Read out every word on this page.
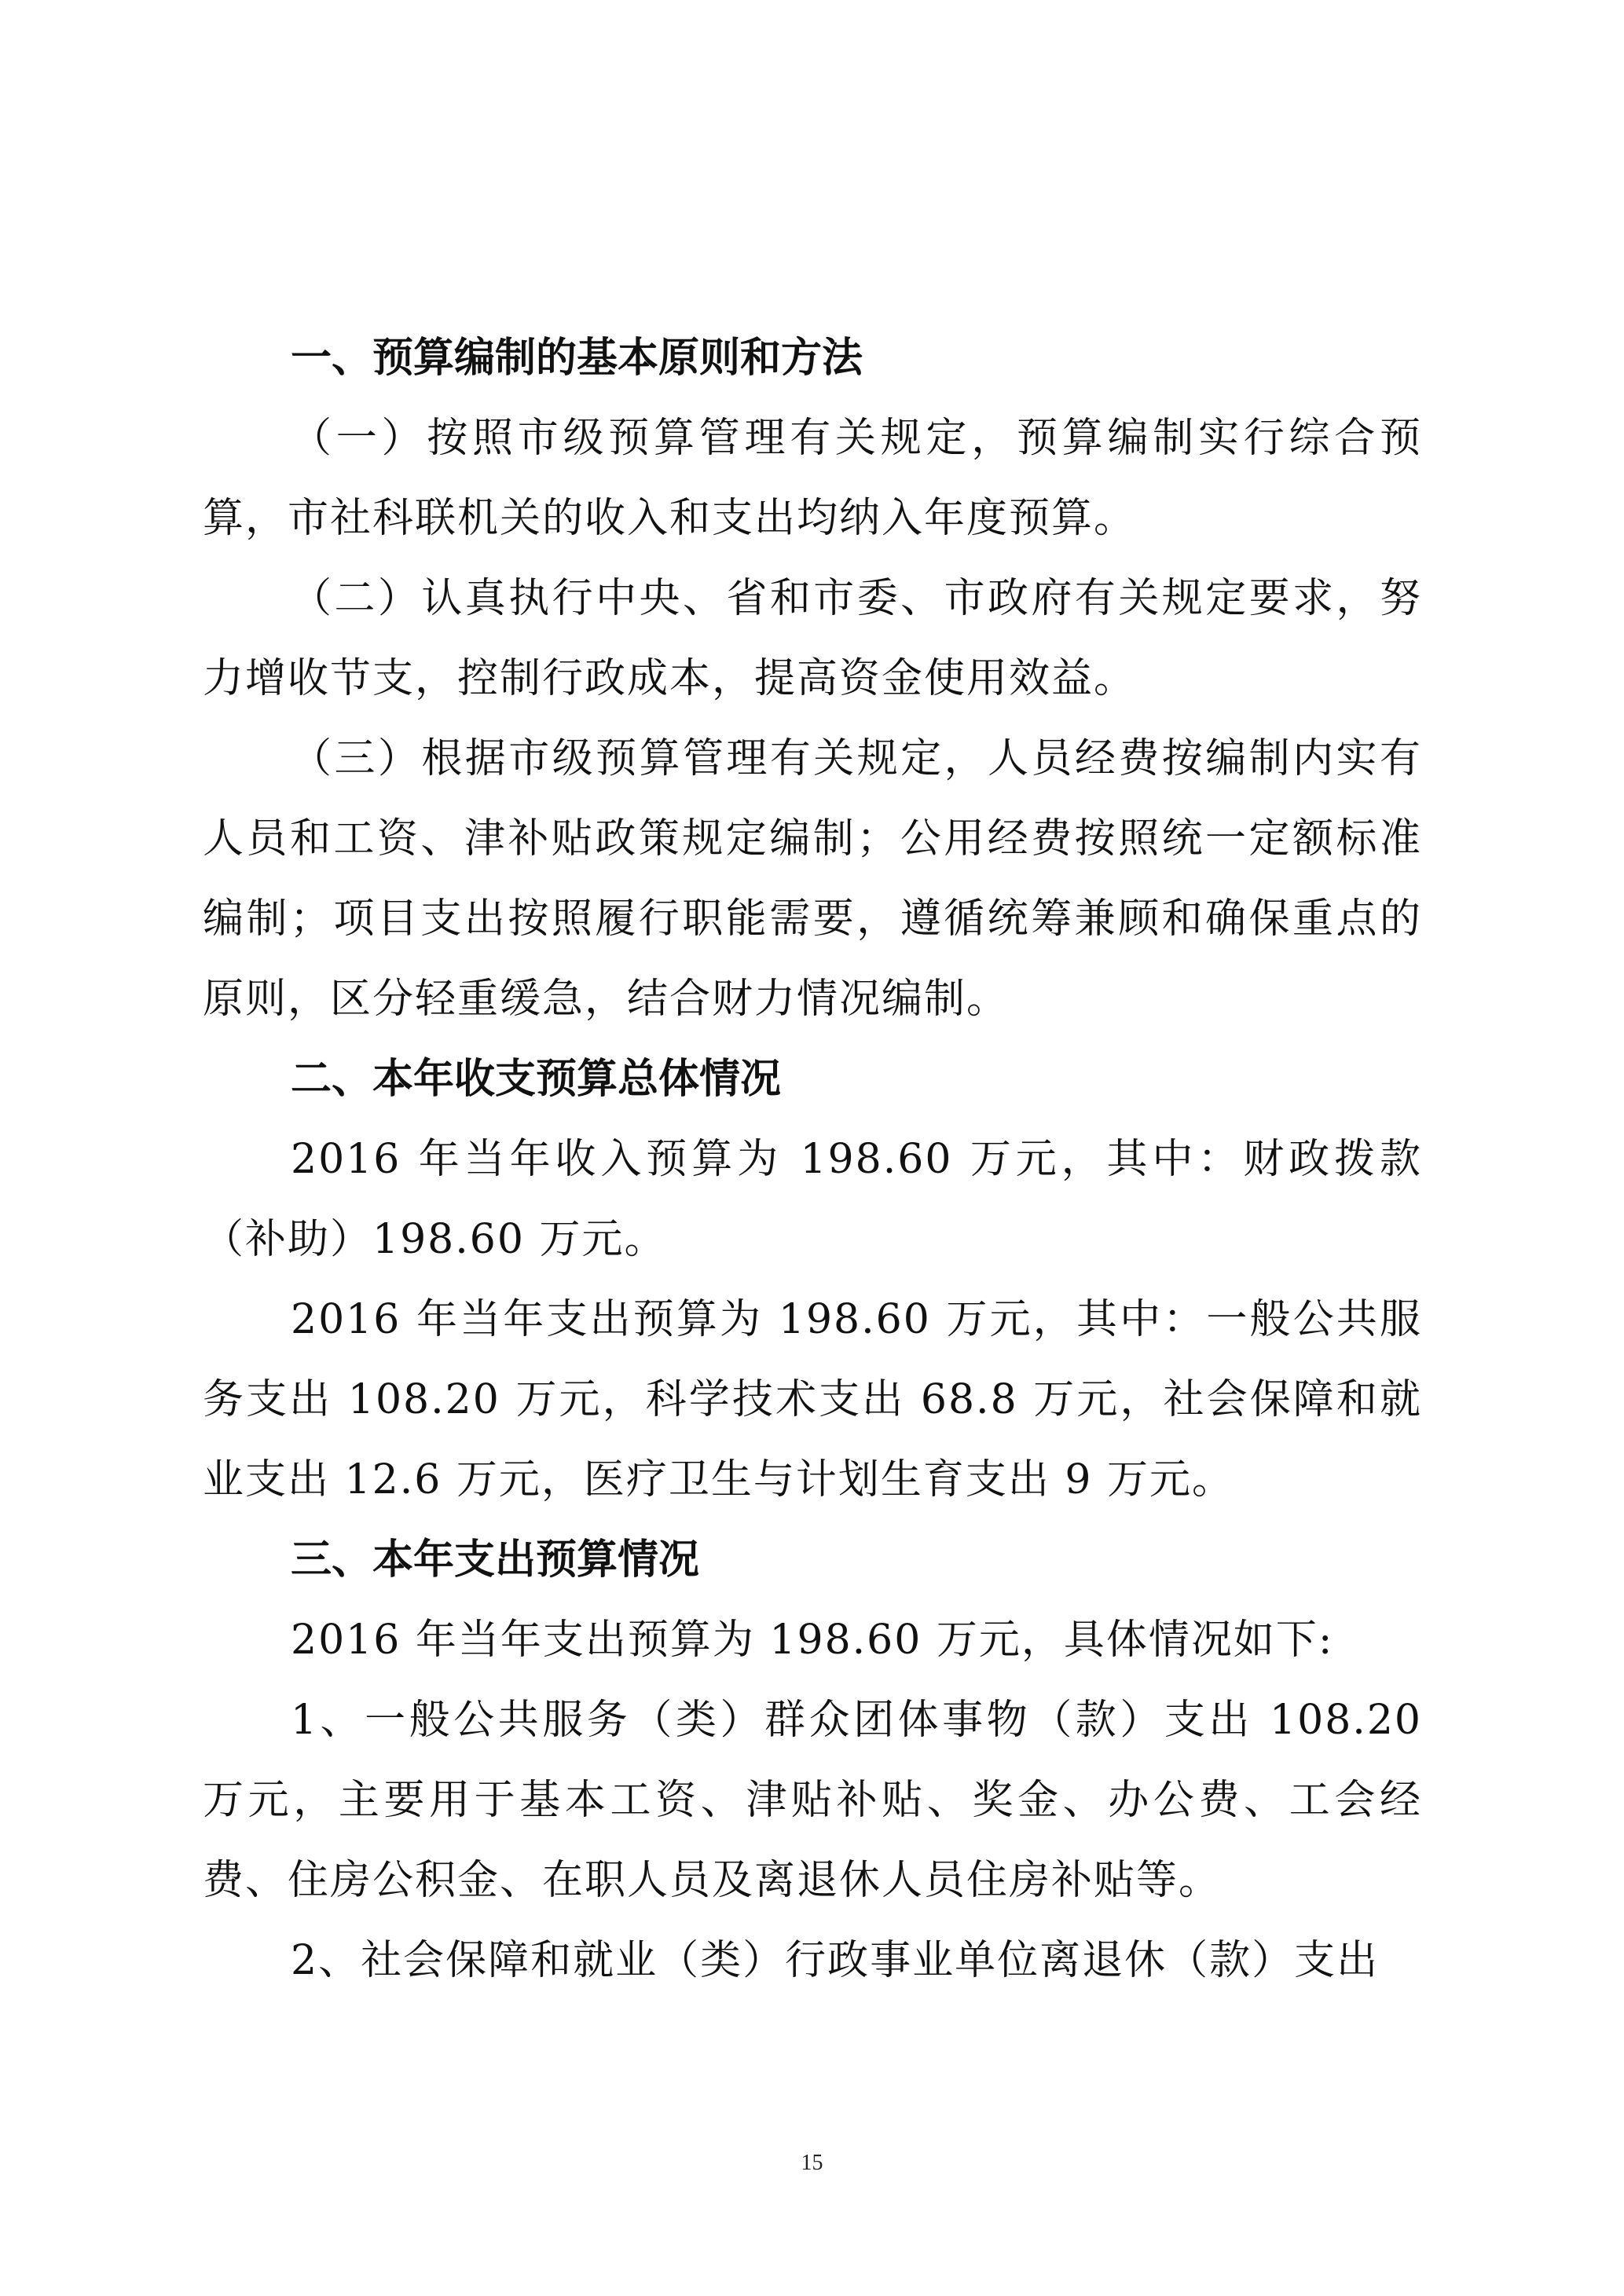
一、预算编制的基本原则和方法

（一）按照市级预算管理有关规定，预算编制实行综合预算，市社科联机关的收入和支出均纳入年度预算。

（二）认真执行中央、省和市委、市政府有关规定要求，努力增收节支，控制行政成本，提高资金使用效益。

（三）根据市级预算管理有关规定，人员经费按编制内实有人员和工资、津补贴政策规定编制；公用经费按照统一定额标准编制；项目支出按照履行职能需要，遵循统筹兼顾和确保重点的原则，区分轻重缓急，结合财力情况编制。

二、本年收支预算总体情况

2016 年当年收入预算为 198.60 万元，其中：财政拨款（补助）198.60 万元。

2016 年当年支出预算为 198.60 万元，其中：一般公共服务支出 108.20 万元，科学技术支出 68.8 万元，社会保障和就业支出 12.6 万元，医疗卫生与计划生育支出 9 万元。

三、本年支出预算情况

2016 年当年支出预算为 198.60 万元，具体情况如下:

1、一般公共服务（类）群众团体事物（款）支出 108.20 万元，主要用于基本工资、津贴补贴、奖金、办公费、工会经费、住房公积金、在职人员及离退休人员住房补贴等。

2、社会保障和就业（类）行政事业单位离退休（款）支出

15
